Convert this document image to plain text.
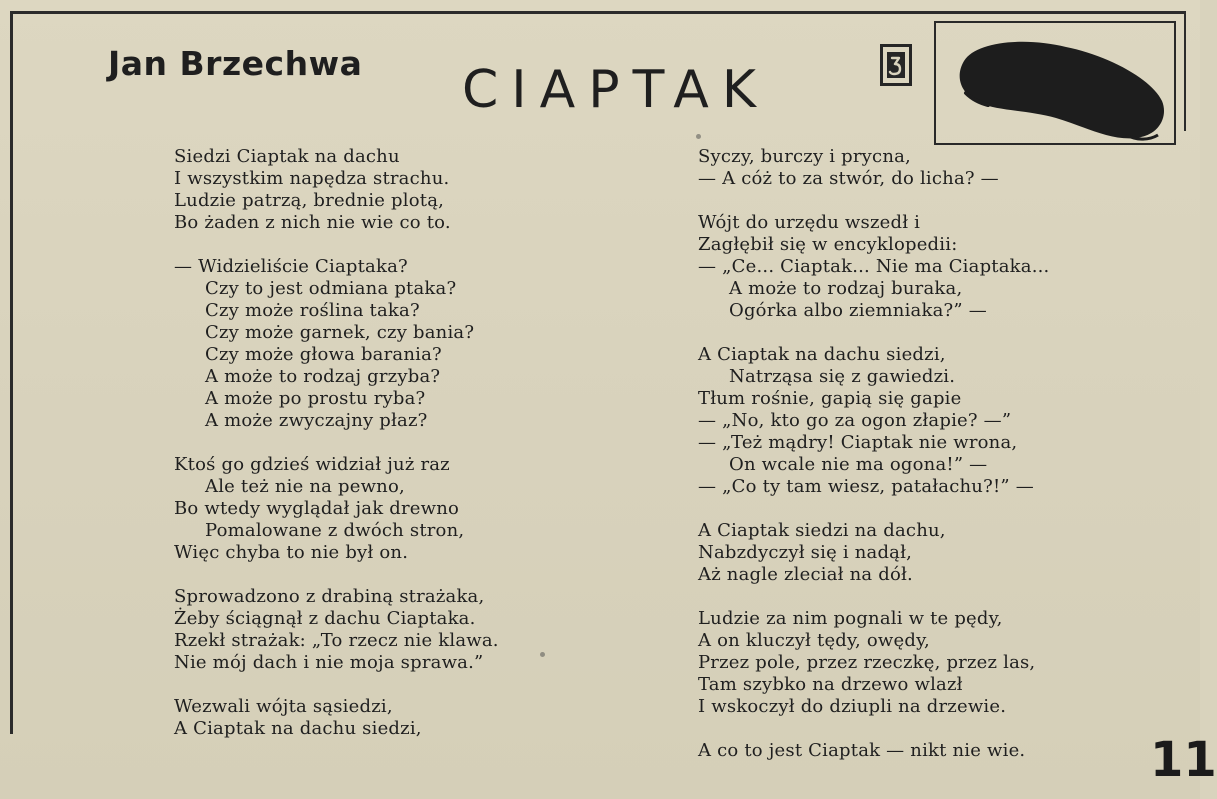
Jan Brzechwa CIAPTAK
Siedzi Ciaptak na dachu
I wszystkim napędza strachu.
Ludzie patrzą, brednie plotą,
Bo żaden z nich nie wie co to.
— Widzieliście Ciaptaka?
Czy to jest odmiana ptaka?
Czy może roślina taka?
Czy może garnek, czy bania?
Czy może głowa barania?
A może to rodzaj grzyba?
A może po prostu ryba?
A może zwyczajny płaz?
Ktoś go gdzieś widział już raz
Ale też nie na pewno,
Bo wtedy wyglądał jak drewno
Pomalowane z dwóch stron,
Więc chyba to nie był on.
Sprowadzono z drabiną strażaka,
Żeby ściągnął z dachu Ciaptaka.
Rzekł strażak: „To rzecz nie klawa.
Nie mój dach i nie moja sprawa.”
Wezwali wójta sąsiedzi,
A Ciaptak na dachu siedzi,
Syczy, burczy i prycna,
— A cóż to za stwór, do licha? —
Wójt do urzędu wszedł i
Zagłębił się w encyklopedii:
— „Ce... Ciaptak... Nie ma Ciaptaka...
A może to rodzaj buraka,
Ogórka albo ziemniaka?” —
A Ciaptak na dachu siedzi,
Natrząsa się z gawiedzi.
Tłum rośnie, gapią się gapie
— „No, kto go za ogon złapie? —”
— „Też mądry! Ciaptak nie wrona,
On wcale nie ma ogona!” —
— „Co ty tam wiesz, patałachu?!” —
A Ciaptak siedzi na dachu,
Nabzdyczył się i nadął,
Aż nagle zleciał na dół.
Ludzie za nim pognali w te pędy,
A on kluczył tędy, owędy,
Przez pole, przez rzeczkę, przez las,
Tam szybko na drzewo wlazł
I wskoczył do dziupli na drzewie.
A co to jest Ciaptak — nikt nie wie.	11
